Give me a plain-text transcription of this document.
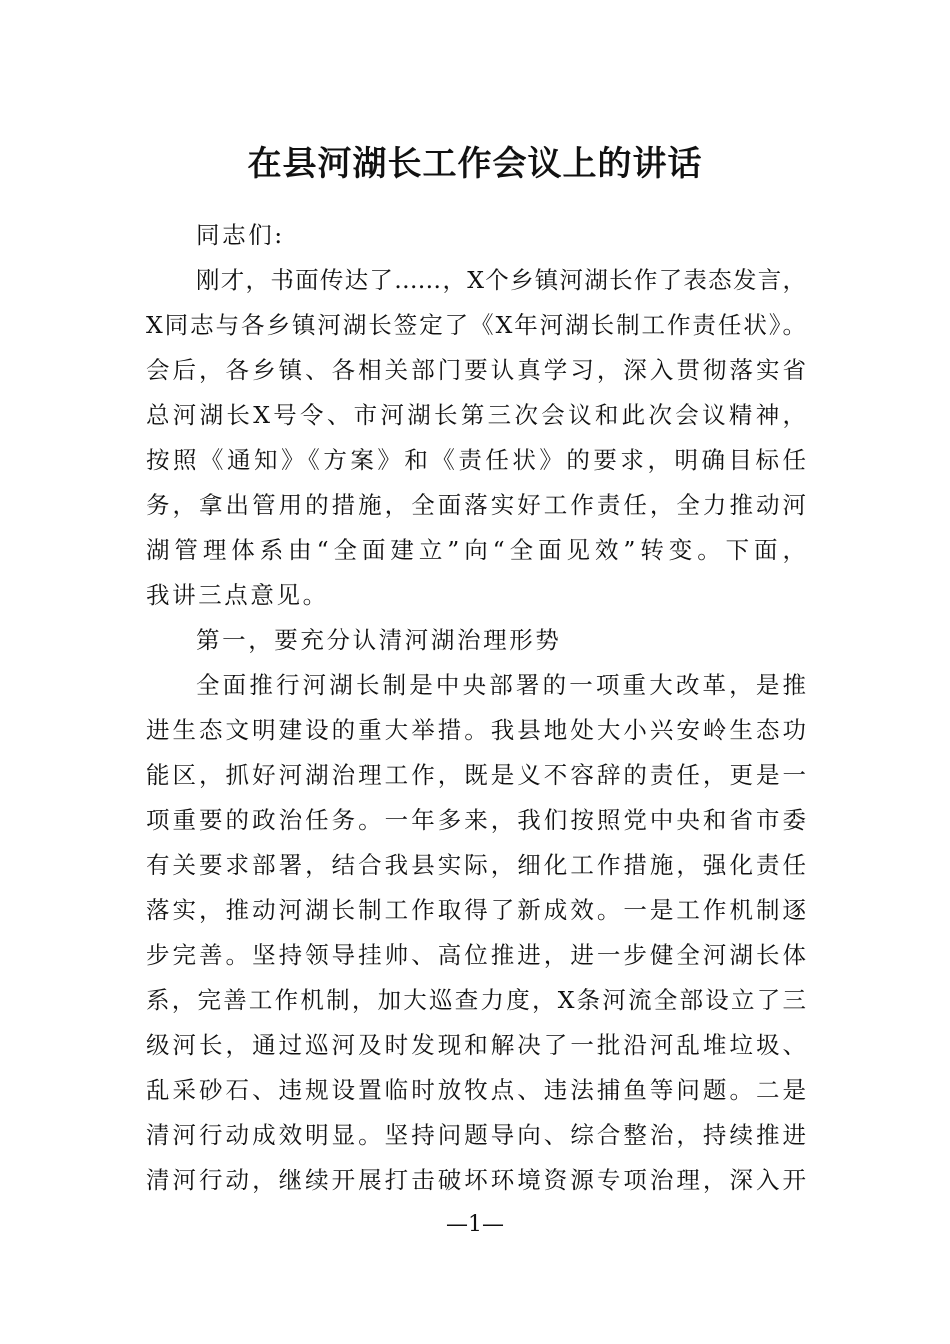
在县河湖长工作会议上的讲话
同志们:
刚才，书面传达了……，X个乡镇河湖长作了表态发言，
X同志与各乡镇河湖长签定了《X年河湖长制工作责任状》。
会后，各乡镇、各相关部门要认真学习，深入贯彻落实省
总河湖长X号令、市河湖长第三次会议和此次会议精神，
按照《通知》《方案》和《责任状》的要求，明确目标任
务，拿出管用的措施，全面落实好工作责任，全力推动河
湖管理体系由“全面建立”向“全面见效”转变。下面，
我讲三点意见。
第一，要充分认清河湖治理形势
全面推行河湖长制是中央部署的一项重大改革，是推
进生态文明建设的重大举措。我县地处大小兴安岭生态功
能区，抓好河湖治理工作，既是义不容辞的责任，更是一
项重要的政治任务。一年多来，我们按照党中央和省市委
有关要求部署，结合我县实际，细化工作措施，强化责任
落实，推动河湖长制工作取得了新成效。一是工作机制逐
步完善。坚持领导挂帅、高位推进，进一步健全河湖长体
系，完善工作机制，加大巡查力度，X条河流全部设立了三
级河长，通过巡河及时发现和解决了一批沿河乱堆垃圾、
乱采砂石、违规设置临时放牧点、违法捕鱼等问题。二是
清河行动成效明显。坚持问题导向、综合整治，持续推进
清河行动，继续开展打击破坏环境资源专项治理，深入开
—1—
